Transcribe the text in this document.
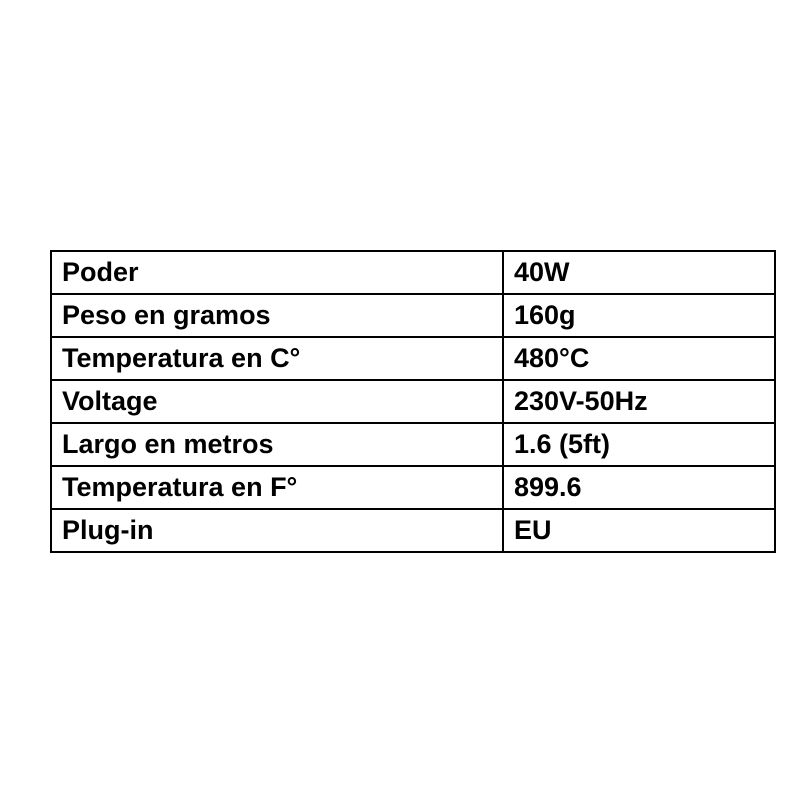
Poder	40W
Peso en gramos	160g
Temperatura en C°	480°C
Voltage	230V-50Hz
Largo en metros	1.6 (5ft)
Temperatura en F°	899.6
Plug-in	EU
